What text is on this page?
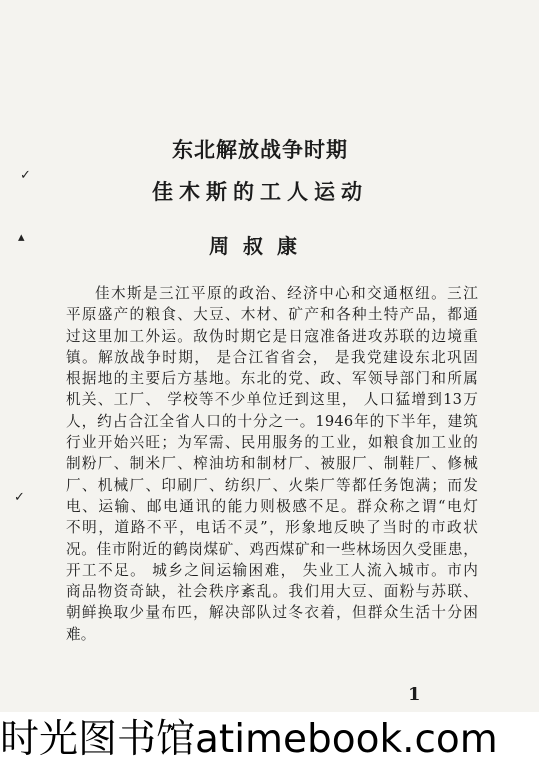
✓
▴
✓
东北解放战争时期
佳木斯的工人运动
周叔康
佳木斯是三江平原的政治、经济中心和交通枢纽。三江
平原盛产的粮食、大豆、木材、矿产和各种土特产品，都通
过这里加工外运。敌伪时期它是日寇准备进攻苏联的边境重
镇。解放战争时期， 是合江省省会， 是我党建设东北巩固
根据地的主要后方基地。东北的党、政、军领导部门和所属
机关、工厂、 学校等不少单位迁到这里， 人口猛增到13万
人，约占合江全省人口的十分之一。1946年的下半年，建筑
行业开始兴旺；为军需、民用服务的工业，如粮食加工业的
制粉厂、制米厂、榨油坊和制材厂、被服厂、制鞋厂、修械
厂、机械厂、印刷厂、纺织厂、火柴厂等都任务饱满；而发
电、运输、邮电通讯的能力则极感不足。群众称之谓“电灯
不明，道路不平，电话不灵”，形象地反映了当时的市政状
况。佳市附近的鹤岗煤矿、鸡西煤矿和一些林场因久受匪患，
开工不足。 城乡之间运输困难， 失业工人流入城市。市内
商品物资奇缺，社会秩序紊乱。我们用大豆、面粉与苏联、
朝鲜换取少量布匹，解决部队过冬衣着，但群众生活十分困
难。
1
时光图书馆atimebook.com
